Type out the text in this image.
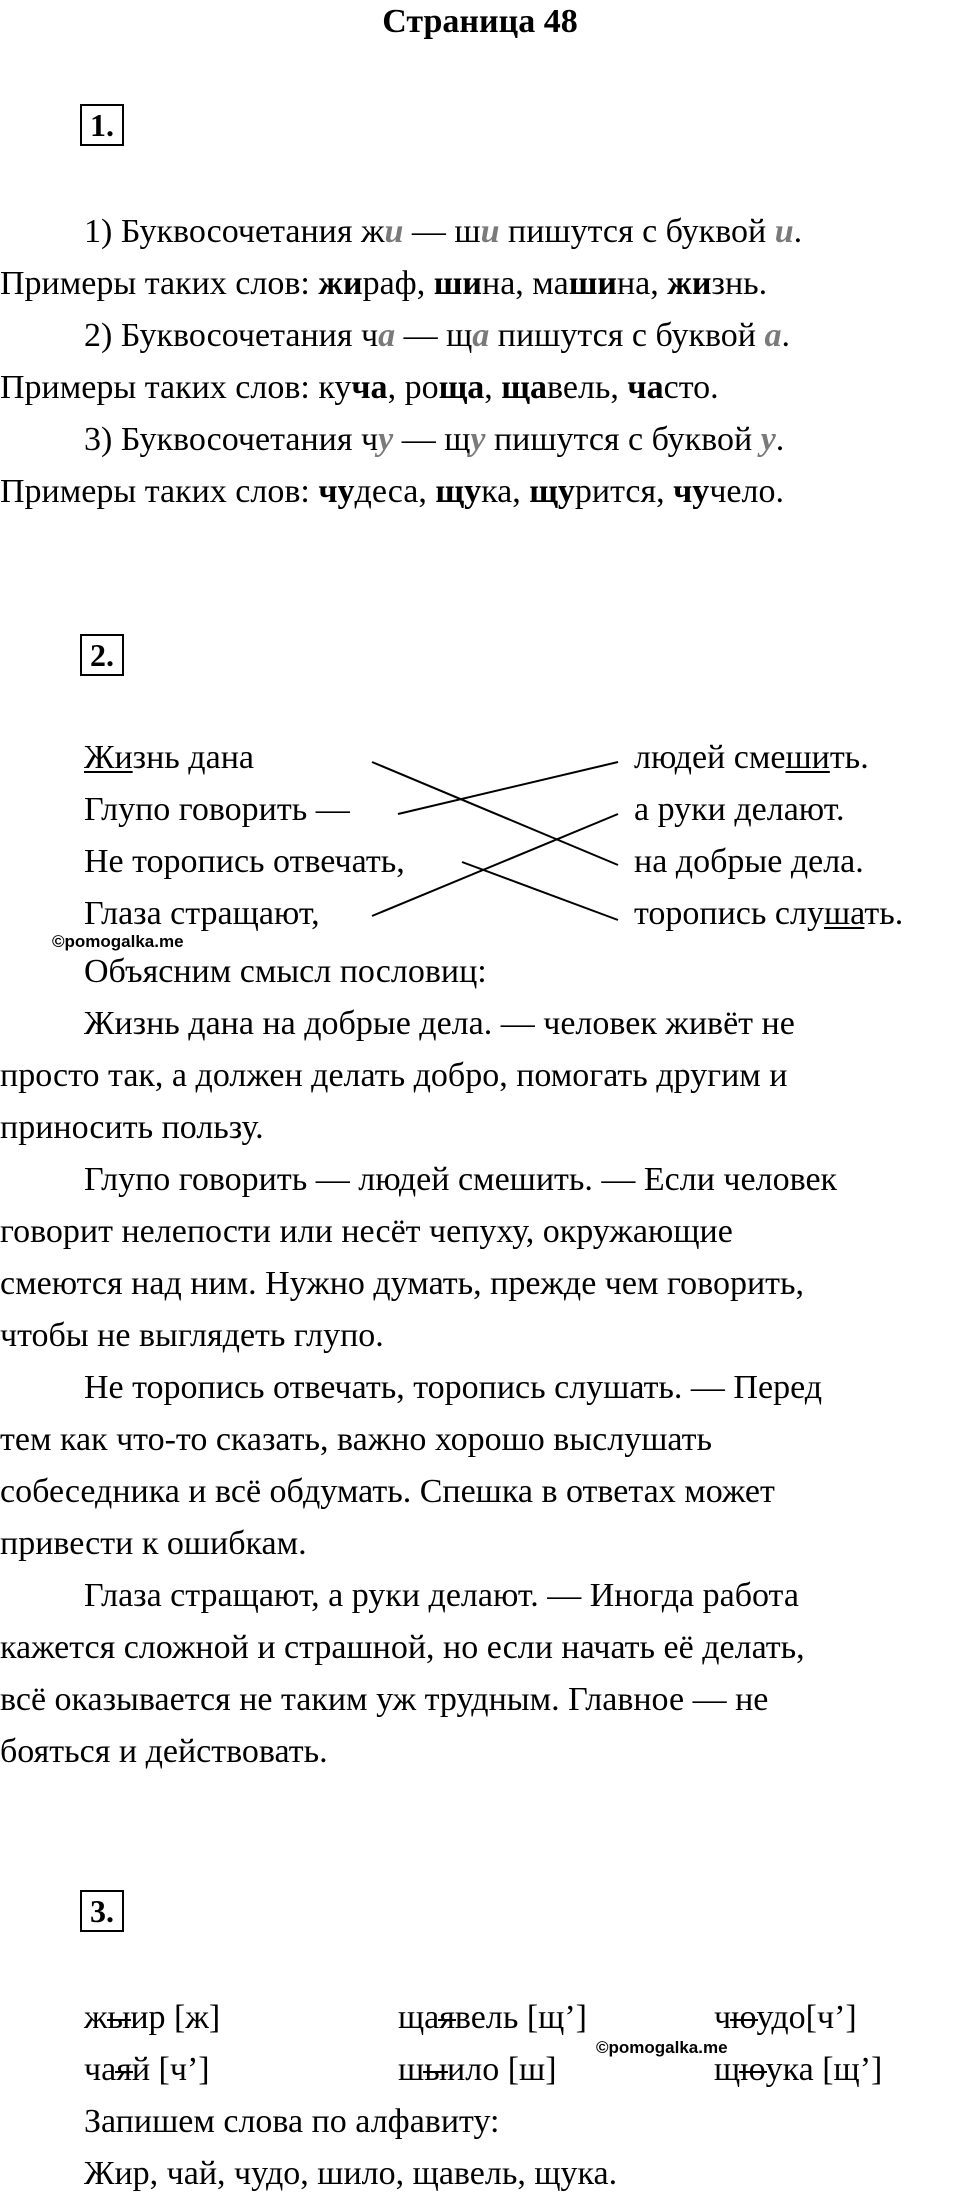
Страница 48
1.
1) Буквосочетания жи — ши пишутся с буквой и.
Примеры таких слов: жираф, шина, машина, жизнь.
2) Буквосочетания ча — ща пишутся с буквой а.
Примеры таких слов: куча, роща, щавель, часто.
3) Буквосочетания чу — щу пишутся с буквой у.
Примеры таких слов: чудеса, щука, щурится, чучело.
2.
Жизнь дана
Глупо говорить —
Не торопись отвечать,
Глаза стращают,
людей смешить.
а руки делают.
на добрые дела.
торопись слушать.
©pomogalka.me
Объясним смысл пословиц:
Жизнь дана на добрые дела. — человек живёт не
просто так, а должен делать добро, помогать другим и
приносить пользу.
Глупо говорить — людей смешить. — Если человек
говорит нелепости или несёт чепуху, окружающие
смеются над ним. Нужно думать, прежде чем говорить,
чтобы не выглядеть глупо.
Не торопись отвечать, торопись слушать. — Перед
тем как что-то сказать, важно хорошо выслушать
собеседника и всё обдумать. Спешка в ответах может
привести к ошибкам.
Глаза стращают, а руки делают. — Иногда работа
кажется сложной и страшной, но если начать её делать,
всё оказывается не таким уж трудным. Главное — не
бояться и действовать.
3.
жыир [ж]	щаявель [щ’]	чюудо[ч’]
чаяй [ч’]	шыило [ш]	щюука [щ’]
©pomogalka.me
Запишем слова по алфавиту:
Жир, чай, чудо, шило, щавель, щука.
